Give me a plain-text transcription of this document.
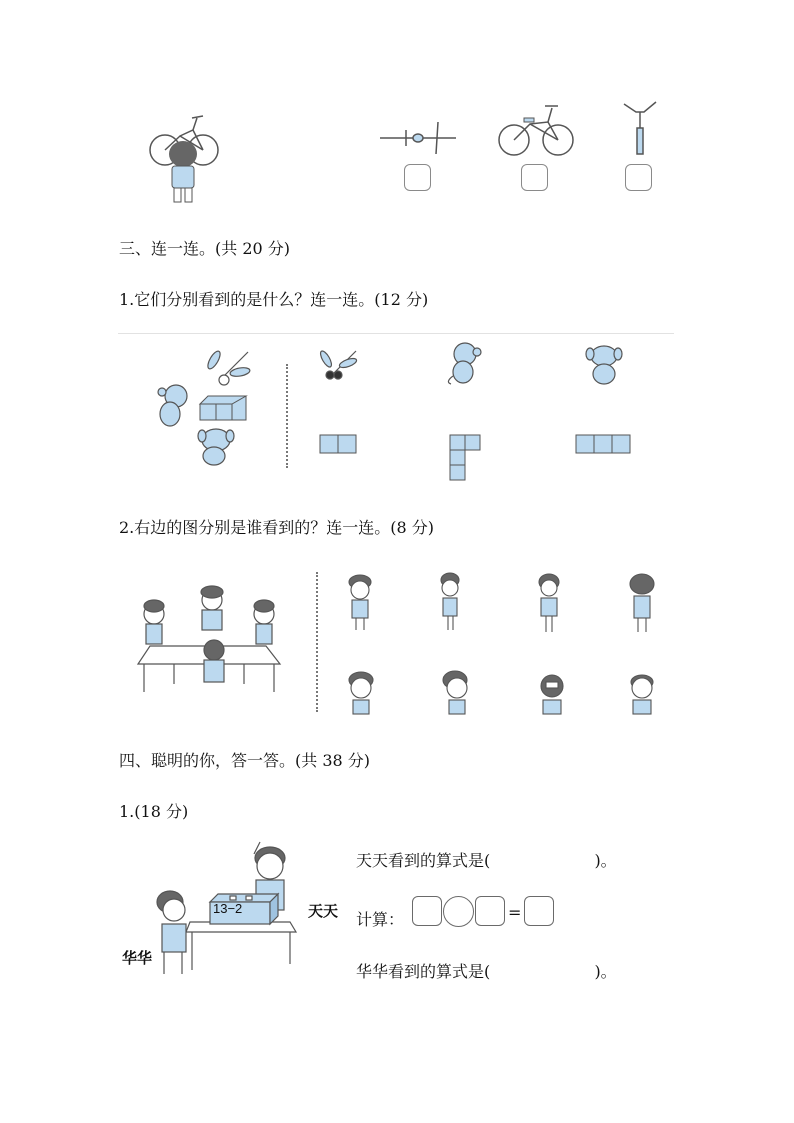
三、连一连。(共 20 分)
1.它们分别看到的是什么？连一连。(12 分)
2.右边的图分别是谁看到的？连一连。(8 分)
四、聪明的你，答一答。(共 38 分)
1.(18 分)
13−2	天天
华华
天天看到的算式是(	)。
计算：	=
华华看到的算式是(	)。
